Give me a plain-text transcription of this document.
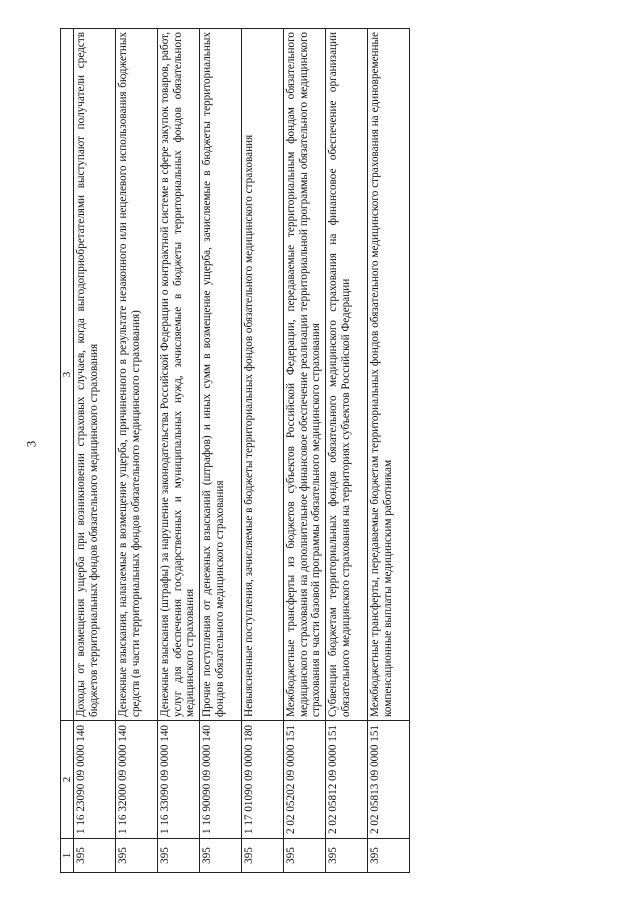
3
1	2	3
395	1 16 23090 09 0000 140	Доходы от возмещения ущерба при возникновении страховых случаев, когда выгодоприобретателями выступают получатели средств бюджетов территориальных фондов обязательного медицинского страхования
395	1 16 32000 09 0000 140	Денежные взыскания, налагаемые в возмещение ущерба, причиненного в результате незаконного или нецелевого использования бюджетных средств (в части территориальных фондов обязательного медицинского страхования)
395	1 16 33090 09 0000 140	Денежные взыскания (штрафы) за нарушение законодательства Российской Федерации о контрактной системе в сфере закупок товаров, работ, услуг для обеспечения государственных и муниципальных нужд, зачисляемые в бюджеты территориальных фондов обязательного медицинского страхования
395	1 16 90090 09 0000 140	Прочие поступления от денежных взысканий (штрафов) и иных сумм в возмещение ущерба, зачисляемые в бюджеты территориальных фондов обязательного медицинского страхования
395	1 17 01090 09 0000 180	Невыясненные поступления, зачисляемые в бюджеты территориальных фондов обязательного медицинского страхования
395	2 02 05202 09 0000 151	Межбюджетные трансферты из бюджетов субъектов Российской Федерации, передаваемые территориальным фондам обязательного медицинского страхования на дополнительное финансовое обеспечение реализации территориальной программы обязательного медицинского страхования в части базовой программы обязательного медицинского страхования
395	2 02 05812 09 0000 151	Субвенции бюджетам территориальных фондов обязательного медицинского страхования на финансовое обеспечение организации обязательного медицинского страхования на территориях субъектов Российской Федерации
395	2 02 05813 09 0000 151	Межбюджетные трансферты, передаваемые бюджетам территориальных фондов обязательного медицинского страхования на единовременные компенсационные выплаты медицинским работникам
